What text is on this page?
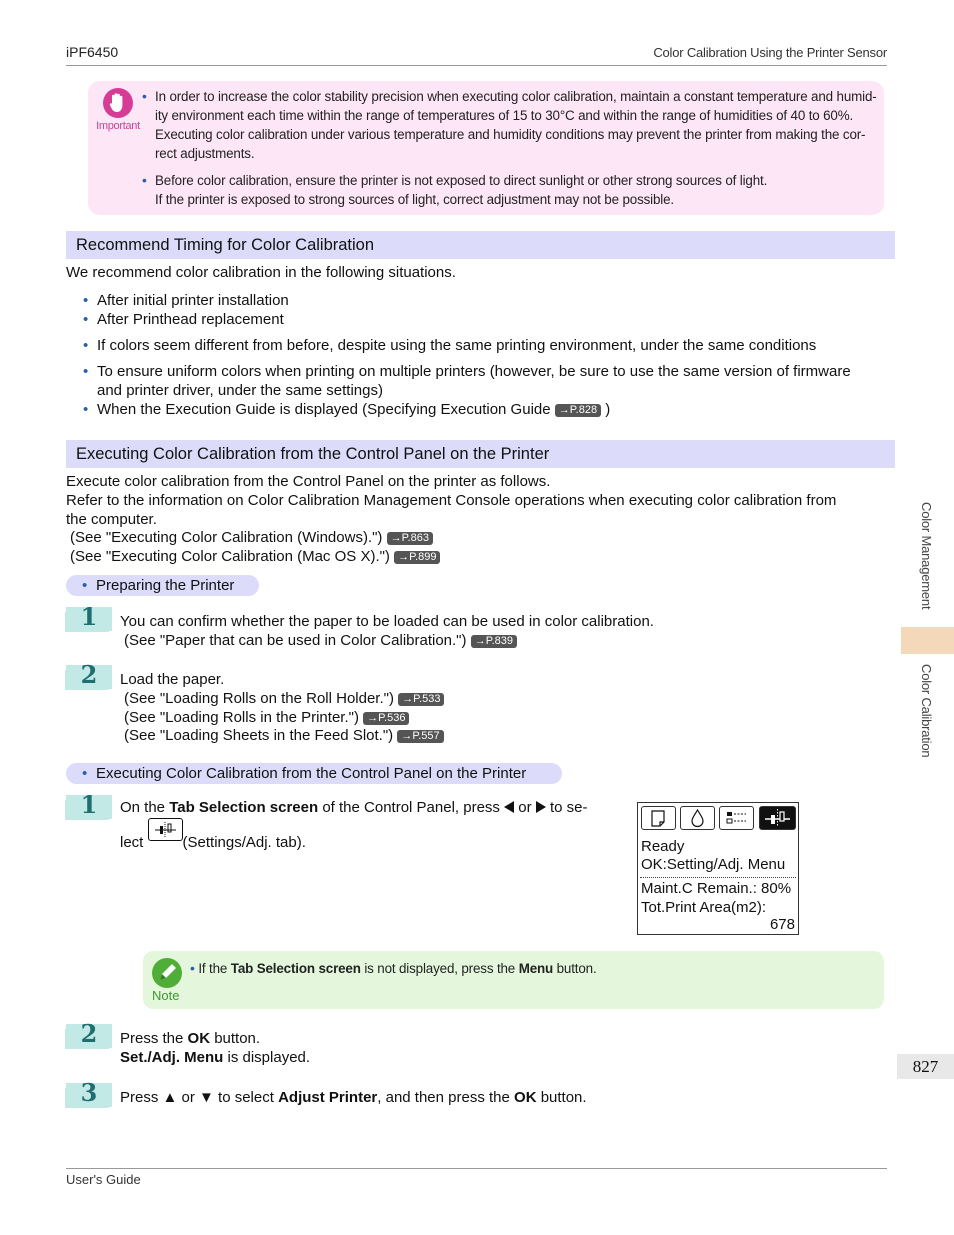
iPF6450	Color Calibration Using the Printer Sensor
Important
• In order to increase the color stability precision when executing color calibration, maintain a constant temperature and humid-
ity environment each time within the range of temperatures of 15 to 30°C and within the range of humidities of 40 to 60%.
Executing color calibration under various temperature and humidity conditions may prevent the printer from making the cor-
rect adjustments.
• Before color calibration, ensure the printer is not exposed to direct sunlight or other strong sources of light.
If the printer is exposed to strong sources of light, correct adjustment may not be possible.
Recommend Timing for Color Calibration
We recommend color calibration in the following situations.
• After initial printer installation
• After Printhead replacement
• If colors seem different from before, despite using the same printing environment, under the same conditions
• To ensure uniform colors when printing on multiple printers (however, be sure to use the same version of firmware
and printer driver, under the same settings)
• When the Execution Guide is displayed (Specifying Execution Guide →P.828 )
Executing Color Calibration from the Control Panel on the Printer
Execute color calibration from the Control Panel on the printer as follows.
Refer to the information on Color Calibration Management Console operations when executing color calibration from
the computer.
(See "Executing Color Calibration (Windows).") →P.863
(See "Executing Color Calibration (Mac OS X).") →P.899
• Preparing the Printer
1	You can confirm whether the paper to be loaded can be used in color calibration.
(See "Paper that can be used in Color Calibration.") →P.839
2	Load the paper.
(See "Loading Rolls on the Roll Holder.") →P.533
(See "Loading Rolls in the Printer.") →P.536
(See "Loading Sheets in the Feed Slot.") →P.557
• Executing Color Calibration from the Control Panel on the Printer
1	On the Tab Selection screen of the Control Panel, press  or  to se-
lect
(Settings/Adj. tab).	Ready
OK:Setting/Adj. Menu
Maint.C Remain.: 80%
Tot.Print Area(m2):
678
Note
• If the Tab Selection screen is not displayed, press the Menu button.
2	Press the OK button.
Set./Adj. Menu is displayed.
3	Press ▲ or ▼ to select Adjust Printer, and then press the OK button.
Color Management
Color Calibration
827
User's Guide
